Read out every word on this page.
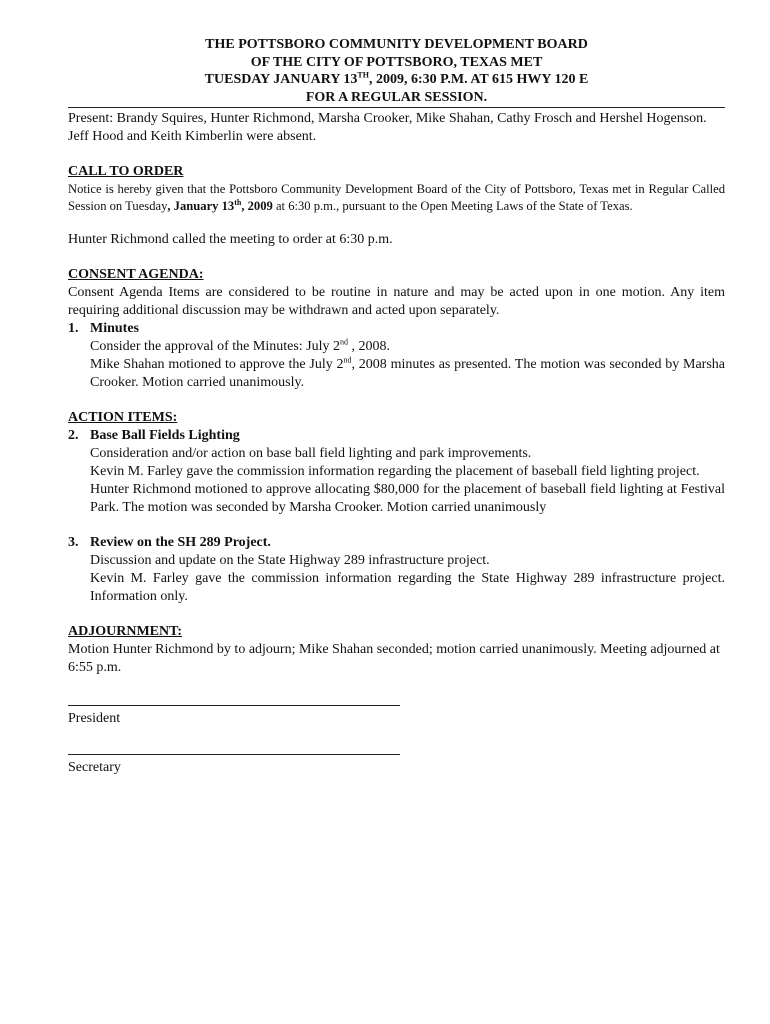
THE POTTSBORO COMMUNITY DEVELOPMENT BOARD
OF THE CITY OF POTTSBORO, TEXAS MET
TUESDAY JANUARY 13TH, 2009, 6:30 P.M. AT 615 HWY 120 E
FOR A REGULAR SESSION.
Present: Brandy Squires, Hunter Richmond, Marsha Crooker, Mike Shahan, Cathy Frosch and Hershel Hogenson. Jeff Hood and Keith Kimberlin were absent.
CALL TO ORDER
Notice is hereby given that the Pottsboro Community Development Board of the City of Pottsboro, Texas met in Regular Called Session on Tuesday, January 13th, 2009 at 6:30 p.m., pursuant to the Open Meeting Laws of the State of Texas.
Hunter Richmond called the meeting to order at 6:30 p.m.
CONSENT AGENDA:
Consent Agenda Items are considered to be routine in nature and may be acted upon in one motion. Any item requiring additional discussion may be withdrawn and acted upon separately.
1. Minutes
Consider the approval of the Minutes: July 2nd , 2008.
Mike Shahan motioned to approve the July 2nd, 2008 minutes as presented. The motion was seconded by Marsha Crooker. Motion carried unanimously.
ACTION ITEMS:
2. Base Ball Fields Lighting
Consideration and/or action on base ball field lighting and park improvements.
Kevin M. Farley gave the commission information regarding the placement of baseball field lighting project.
Hunter Richmond motioned to approve allocating $80,000 for the placement of baseball field lighting at Festival Park. The motion was seconded by Marsha Crooker. Motion carried unanimously
3. Review on the SH 289 Project.
Discussion and update on the State Highway 289 infrastructure project.
Kevin M. Farley gave the commission information regarding the State Highway 289 infrastructure project. Information only.
ADJOURNMENT:
Motion Hunter Richmond by to adjourn; Mike Shahan seconded; motion carried unanimously. Meeting adjourned at 6:55 p.m.
President
Secretary
